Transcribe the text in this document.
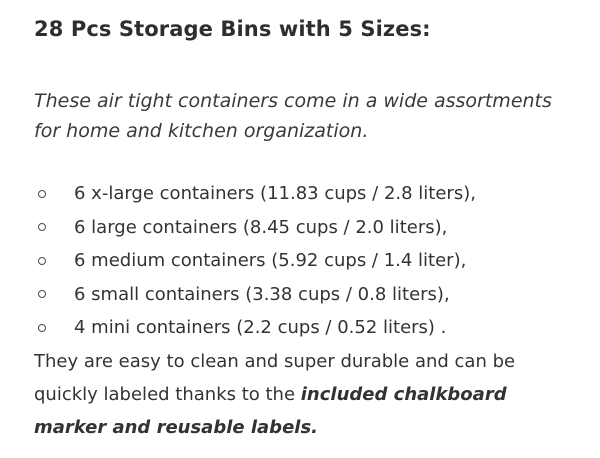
28 Pcs Storage Bins with 5 Sizes:

These air tight containers come in a wide assortments for home and kitchen organization.

6 x-large containers (11.83 cups / 2.8 liters),
6 large containers (8.45 cups / 2.0 liters),
6 medium containers (5.92 cups / 1.4 liter),
6 small containers (3.38 cups / 0.8 liters),
4 mini containers (2.2 cups / 0.52 liters) .

They are easy to clean and super durable and can be quickly labeled thanks to the included chalkboard marker and reusable labels.
